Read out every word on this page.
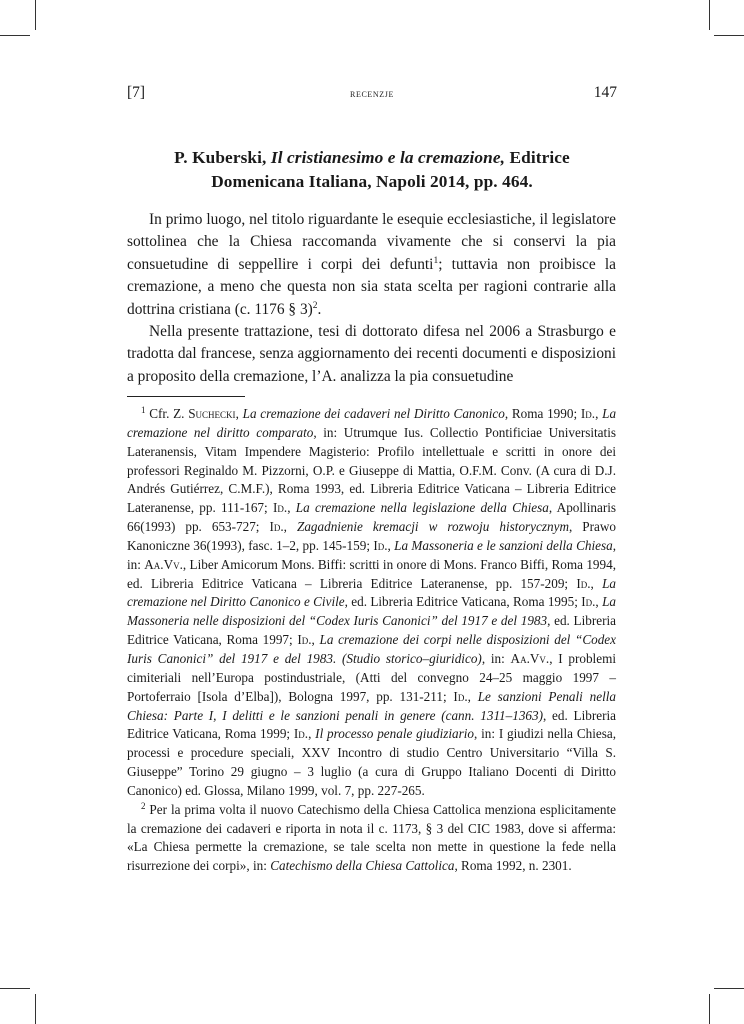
[7]	recenzje	147
P. Kuberski, Il cristianesimo e la cremazione, Editrice
Domenicana Italiana, Napoli 2014, pp. 464.

In primo luogo, nel titolo riguardante le esequie ecclesiastiche, il legislatore sottolinea che la Chiesa raccomanda vivamente che si conservi la pia consuetudine di seppellire i corpi dei defunti$^1$; tuttavia non proibisce la cremazione, a meno che questa non sia stata scelta per ragioni contrarie alla dottrina cristiana (c. 1176 § 3)$^2$.

Nella presente trattazione, tesi di dottorato difesa nel 2006 a Strasburgo e tradotta dal francese, senza aggiornamento dei recenti documenti e disposizioni a proposito della cremazione, l’A. analizza la pia consuetudine

$^1$ Cfr. Z. Suchecki, La cremazione dei cadaveri nel Diritto Canonico, Roma 1990; Id., La cremazione nel diritto comparato, in: Utrumque Ius. Collectio Pontificiae Universitatis Lateranensis, Vitam Impendere Magisterio: Profilo intellettuale e scritti in onore dei professori Reginaldo M. Pizzorni, O.P. e Giuseppe di Mattia, O.F.M. Conv. (A cura di D.J. Andrés Gutiérrez, C.M.F.), Roma 1993, ed. Libreria Editrice Vaticana – Libreria Editrice Lateranense, pp. 111-167; Id., La cremazione nella legislazione della Chiesa, Apollinaris 66(1993) pp. 653-727; Id., Zagadnienie kremacji w rozwoju historycznym, Prawo Kanoniczne 36(1993), fasc. 1–2, pp. 145-159; Id., La Massoneria e le sanzioni della Chiesa, in: Aa.Vv., Liber Amicorum Mons. Biffi: scritti in onore di Mons. Franco Biffi, Roma 1994, ed. Libreria Editrice Vaticana – Libreria Editrice Lateranense, pp. 157-209; Id., La cremazione nel Diritto Canonico e Civile, ed. Libreria Editrice Vaticana, Roma 1995; Id., La Massoneria nelle disposizioni del “Codex Iuris Canonici” del 1917 e del 1983, ed. Libreria Editrice Vaticana, Roma 1997; Id., La cremazione dei corpi nelle disposizioni del “Codex Iuris Canonici” del 1917 e del 1983. (Studio storico–giuridico), in: Aa.Vv., I problemi cimiteriali nell’Europa postindustriale, (Atti del convegno 24–25 maggio 1997 – Portoferraio [Isola d’Elba]), Bologna 1997, pp. 131-211; Id., Le sanzioni Penali nella Chiesa: Parte I, I delitti e le sanzioni penali in genere (cann. 1311–1363), ed. Libreria Editrice Vaticana, Roma 1999; Id., Il processo penale giudiziario, in: I giudizi nella Chiesa, processi e procedure speciali, XXV Incontro di studio Centro Universitario “Villa S. Giuseppe” Torino 29 giugno – 3 luglio (a cura di Gruppo Italiano Docenti di Diritto Canonico) ed. Glossa, Milano 1999, vol. 7, pp. 227-265.

$^2$ Per la prima volta il nuovo Catechismo della Chiesa Cattolica menziona esplicitamente la cremazione dei cadaveri e riporta in nota il c. 1173, § 3 del CIC 1983, dove si afferma: «La Chiesa permette la cremazione, se tale scelta non mette in questione la fede nella risurrezione dei corpi», in: Catechismo della Chiesa Cattolica, Roma 1992, n. 2301.
